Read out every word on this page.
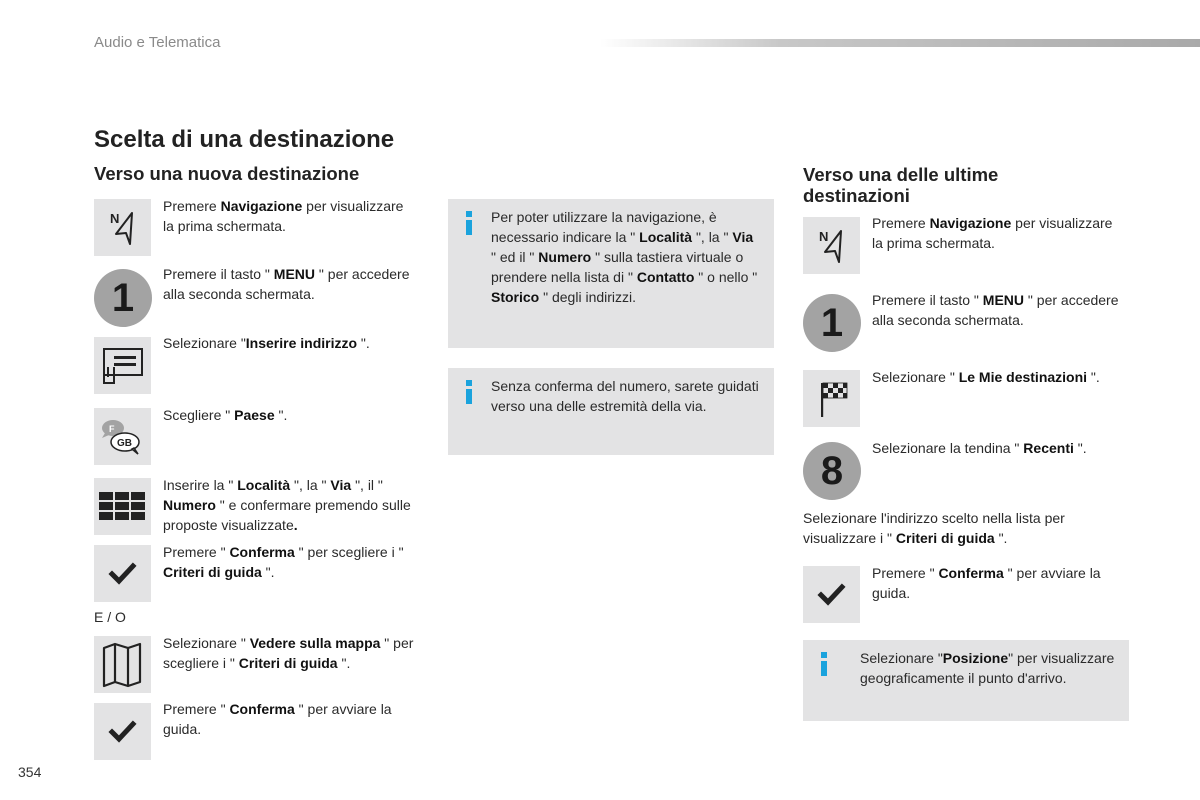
Audio e Telematica
Scelta di una destinazione
Verso una nuova destinazione
N
Premere Navigazione per visualizzare la prima schermata.
1
Premere il tasto " MENU " per accedere alla seconda schermata.
Selezionare "Inserire indirizzo ".
F
GB
Scegliere " Paese ".
Inserire la " Località ", la " Via ", il " Numero " e confermare premendo sulle proposte visualizzate.
Premere " Conferma " per scegliere i " Criteri di guida ".
E / O
Selezionare " Vedere sulla mappa " per scegliere i " Criteri di guida ".
Premere " Conferma " per avviare la guida.
Per poter utilizzare la navigazione, è necessario indicare la " Località ", la " Via " ed il " Numero " sulla tastiera virtuale o prendere nella lista di " Contatto " o nello " Storico " degli indirizzi.
Senza conferma del numero, sarete guidati verso una delle estremità della via.
Verso una delle ultime destinazioni
N
Premere Navigazione per visualizzare la prima schermata.
1
Premere il tasto " MENU " per accedere alla seconda schermata.
Selezionare " Le Mie destinazioni ".
8
Selezionare la tendina " Recenti ".
Selezionare l'indirizzo scelto nella lista per visualizzare i " Criteri di guida ".
Premere " Conferma " per avviare la guida.
Selezionare "Posizione" per visualizzare geograficamente il punto d'arrivo.
354
